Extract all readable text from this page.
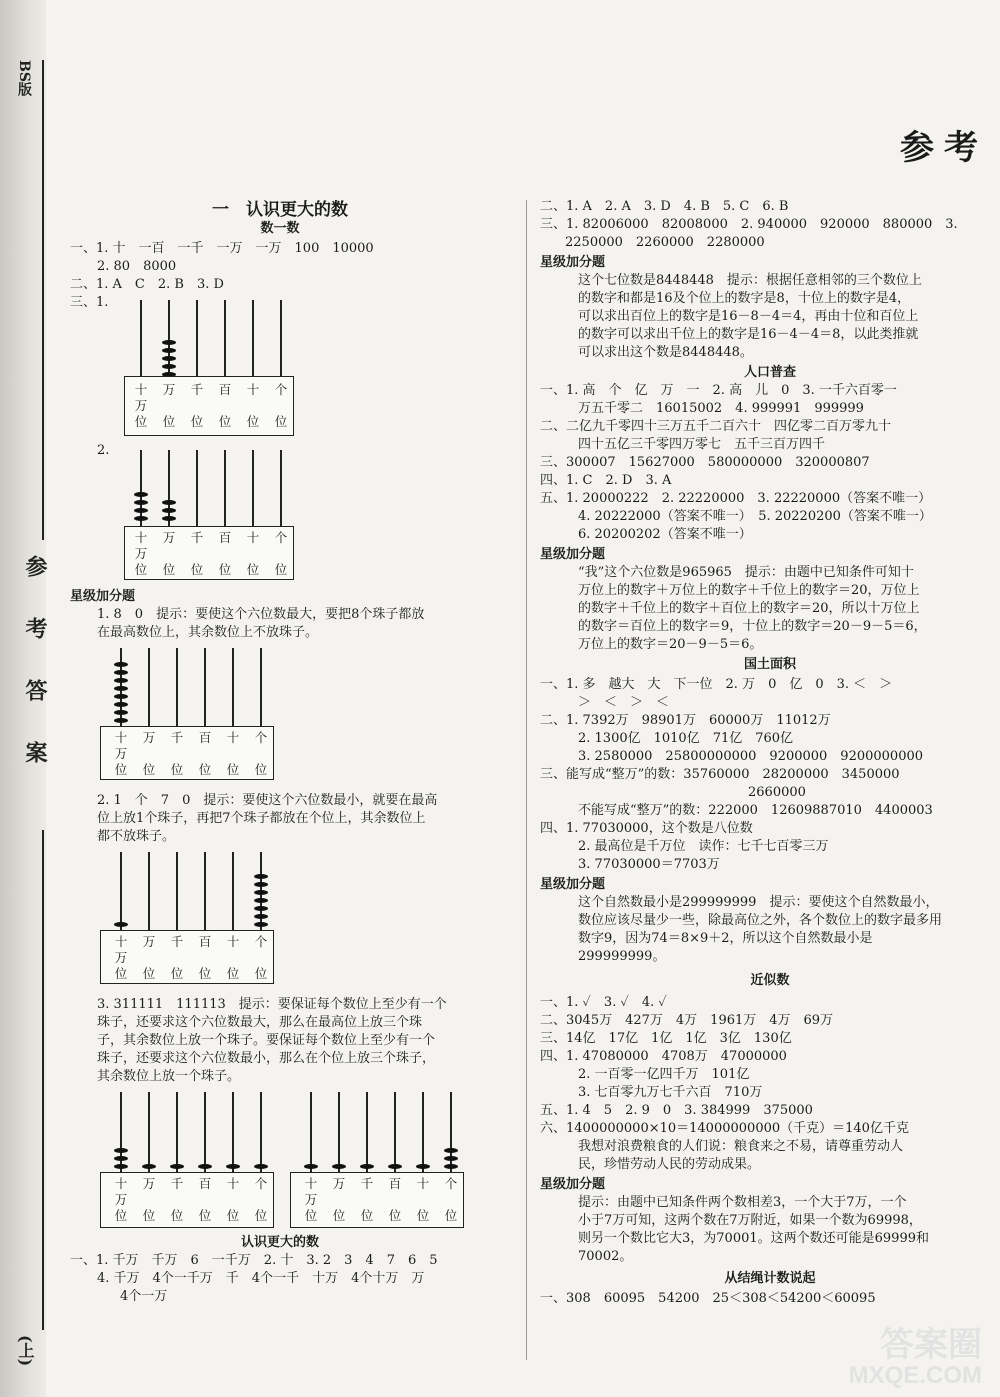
BS版
参考答案
(上)
参考
一　认识更大的数
数一数
一、1. 十　一百　一千　一万　一万　100　10000
2. 80　8000
二、1. A　C　2. B　3. D
三、1.
十
万
位
万

位
千

位
百

位
十

位
个

位
2.
十
万
位
万

位
千

位
百

位
十

位
个

位
星级加分题
1. 8　0　提示：要使这个六位数最大，要把8个珠子都放
在最高数位上，其余数位上不放珠子。
十
万
位
万

位
千

位
百

位
十

位
个

位
2. 1　个　7　0　提示：要使这个六位数最小，就要在最高
位上放1个珠子，再把7个珠子都放在个位上，其余数位上
都不放珠子。
十
万
位
万

位
千

位
百

位
十

位
个

位
3. 311111　111113　提示：要保证每个数位上至少有一个
珠子，还要求这个六位数最大，那么在最高位上放三个珠
子，其余数位上放一个珠子。要保证每个数位上至少有一个
珠子，还要求这个六位数最小，那么在个位上放三个珠子，
其余数位上放一个珠子。
十
万
位
万

位
千

位
百

位
十

位
个

位
十
万
位
万

位
千

位
百

位
十

位
个

位
认识更大的数
一、1. 千万　千万　6　一千万　2. 十　3. 2　3　4　7　6　5
4. 千万　4个一千万　千　4个一千　十万　4个十万　万
4个一万
二、1. A　2. A　3. D　4. B　5. C　6. B
三、1. 82006000　82008000　2. 940000　920000　880000　3.
2250000　2260000　2280000
星级加分题
这个七位数是8448448　提示：根据任意相邻的三个数位上
的数字和都是16及个位上的数字是8，十位上的数字是4，
可以求出百位上的数字是16－8－4＝4，再由十位和百位上
的数字可以求出千位上的数字是16－4－4＝8，以此类推就
可以求出这个数是8448448。
人口普查
一、1. 高　个　亿　万　一　2. 高　儿　0　3. 一千六百零一
万五千零二　16015002　4. 999991　999999
二、二亿九千零四十三万五千二百六十　四亿零二百万零九十
四十五亿三千零四万零七　五千三百万四千
三、300007　15627000　580000000　320000807
四、1. C　2. D　3. A
五、1. 20000222　2. 22220000　3. 22220000（答案不唯一）
4. 20222000（答案不唯一）　5. 20220200（答案不唯一）
6. 20200202（答案不唯一）
星级加分题
“我”这个六位数是965965　提示：由题中已知条件可知十
万位上的数字＋万位上的数字＋千位上的数字＝20，万位上
的数字＋千位上的数字＋百位上的数字＝20，所以十万位上
的数字＝百位上的数字＝9，十位上的数字＝20－9－5＝6，
万位上的数字＝20－9－5＝6。
国土面积
一、1. 多　越大　大　下一位　2. 万　0　亿　0　3. ＜　＞
＞　＜　＞　＜
二、1. 7392万　98901万　60000万　11012万
2. 1300亿　1010亿　71亿　760亿
3. 2580000　25800000000　9200000　9200000000
三、能写成“整万”的数：35760000　28200000　3450000
2660000
不能写成“整万”的数：222000　12609887010　4400003
四、1. 77030000，这个数是八位数
2. 最高位是千万位　读作：七千七百零三万
3. 77030000＝7703万
星级加分题
这个自然数最小是299999999　提示：要使这个自然数最小，
数位应该尽量少一些，除最高位之外，各个数位上的数字最多用
数字9，因为74＝8×9＋2，所以这个自然数最小是
299999999。
近似数
一、1. ✓　3. ✓　4. ✓
二、3045万　427万　4万　1961万　4万　69万
三、14亿　17亿　1亿　1亿　3亿　130亿
四、1. 47080000　4708万　47000000
2. 一百零一亿四千万　101亿
3. 七百零九万七千六百　710万
五、1. 4　5　2. 9　0　3. 384999　375000
六、1400000000×10＝14000000000（千克）＝140亿千克
我想对浪费粮食的人们说：粮食来之不易，请尊重劳动人
民，珍惜劳动人民的劳动成果。
星级加分题
提示：由题中已知条件两个数相差3，一个大于7万，一个
小于7万可知，这两个数在7万附近，如果一个数为69998，
则另一个数比它大3，为70001。这两个数还可能是69999和
70002。
从结绳计数说起
一、308　60095　54200　25＜308＜54200＜60095
答案圈
MXQE.COM
